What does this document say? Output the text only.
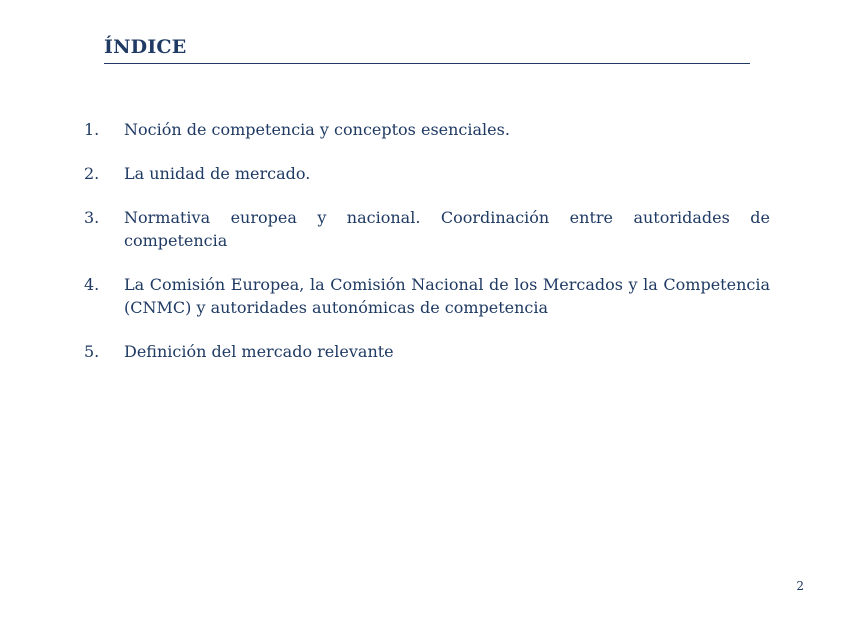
ÍNDICE
1.	Noción de competencia y conceptos esenciales.
2.	La unidad de mercado.
3.	Normativa europea y nacional. Coordinación entre autoridades de competencia
4.	La Comisión Europea, la Comisión Nacional de los Mercados y la Competencia (CNMC) y autoridades autonómicas de competencia
5.	Definición del mercado relevante
2
